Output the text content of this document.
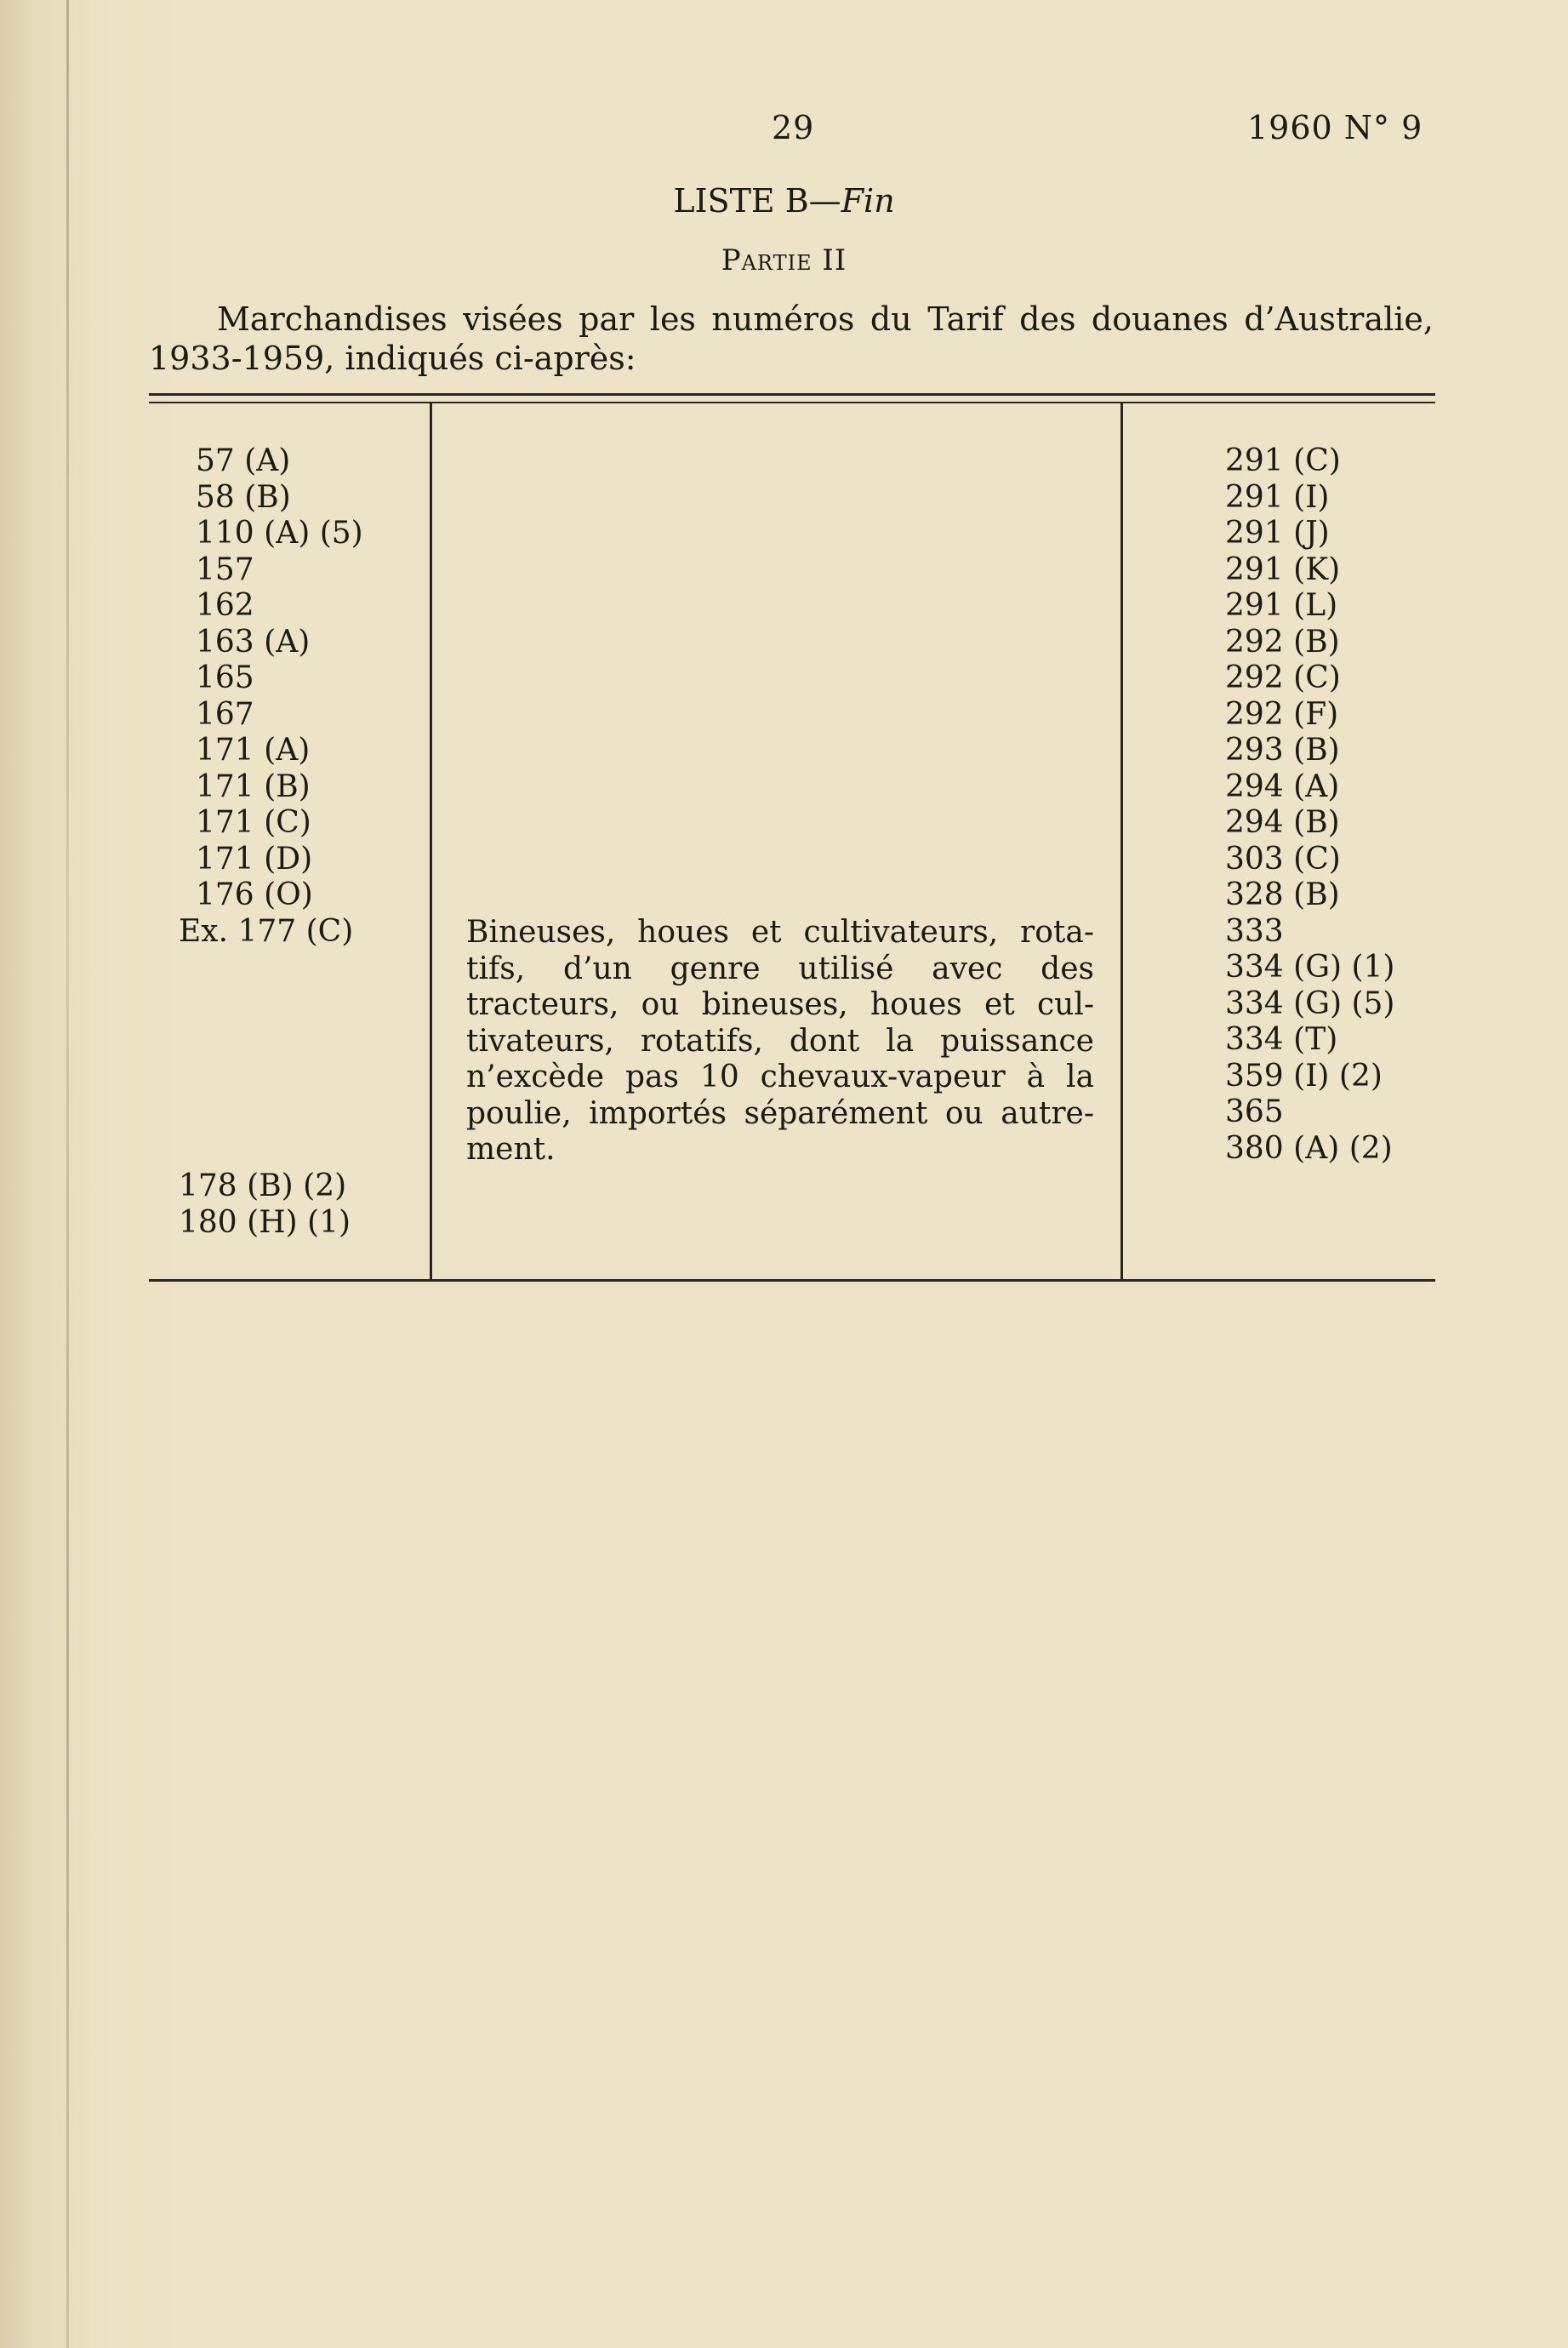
29	1960 N° 9
LISTE B—Fin
Partie II
Marchandises visées par les numéros du Tarif des douanes d’Australie,
1933-1959, indiqués ci-après:
57 (A)
58 (B)
110 (A) (5)
157
162
163 (A)
165
167
171 (A)
171 (B)
171 (C)
171 (D)
176 (O)
Ex. 177 (C)
178 (B) (2)
180 (H) (1)
Bineuses, houes et cultivateurs, rota-
tifs, d’un genre utilisé avec des
tracteurs, ou bineuses, houes et cul-
tivateurs, rotatifs, dont la puissance
n’excède pas 10 chevaux-vapeur à la
poulie, importés séparément ou autre-
ment.
291 (C)
291 (I)
291 (J)
291 (K)
291 (L)
292 (B)
292 (C)
292 (F)
293 (B)
294 (A)
294 (B)
303 (C)
328 (B)
333
334 (G) (1)
334 (G) (5)
334 (T)
359 (I) (2)
365
380 (A) (2)
